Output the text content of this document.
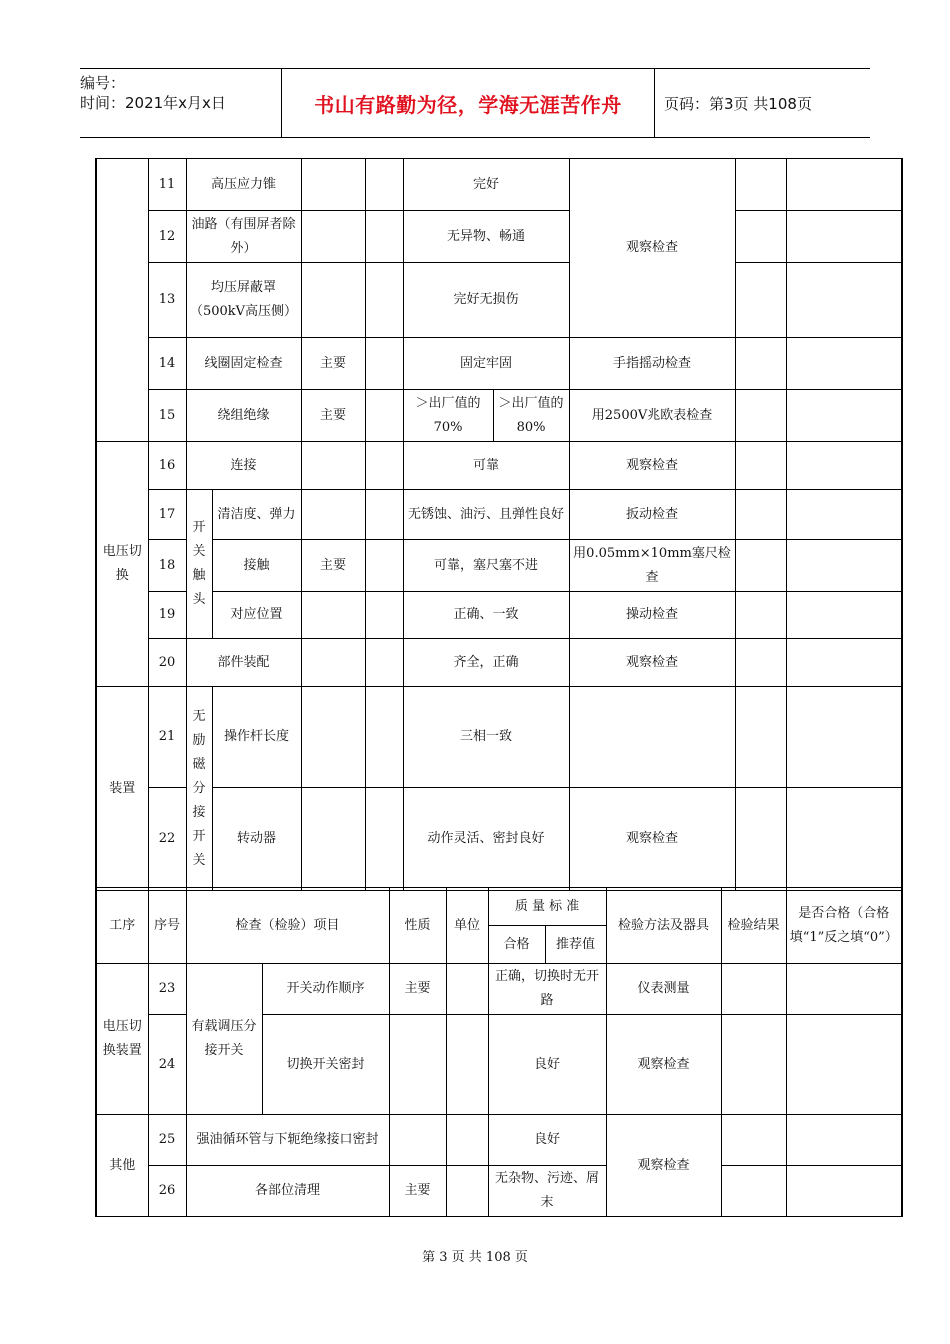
编号：
时间：2021年x月x日	书山有路勤为径，学海无涯苦作舟	页码：第3页 共108页
	11	高压应力锥				完好		观察检查		
	12	油路（有围屏者除外）				无异物、畅通				
	13	均压屏蔽罩（500kV高压侧）				完好无损伤				
	14	线圈固定检查		主要		固定牢固		手指摇动检查		
	15	绕组绝缘		主要		＞出厂值的70%	＞出厂值的80%	用2500V兆欧表检查		
电压切换	16	连接				可靠		观察检查		
	17	开关触头	清洁度、弹力			无锈蚀、油污、且弹性良好		扳动检查		
	18		接触	主要		可靠，塞尺塞不进		用0.05mm×10mm塞尺检查		
	19		对应位置			正确、一致		操动检查		
	20	部件装配				齐全，正确		观察检查		
装置	21	无励磁分接开关	操作杆长度			三相一致				
	22		转动器			动作灵活、密封良好		观察检查		
工序	序号	检查（检验）项目		性质	单位	质 量 标 准		检验方法及器具	检验结果	是否合格（合格填“1”反之填“0”）
						合格	推荐值			
电压切换装置	23	有载调压分接开关	开关动作顺序	主要		正确，切换时无开路		仪表测量		
	24		切换开关密封			良好		观察检查		
其他	25	强油循环管与下轭绝缘接口密封				良好		观察检查		
	26	各部位清理		主要		无杂物、污迹、屑末				
第 3 页 共 108 页
